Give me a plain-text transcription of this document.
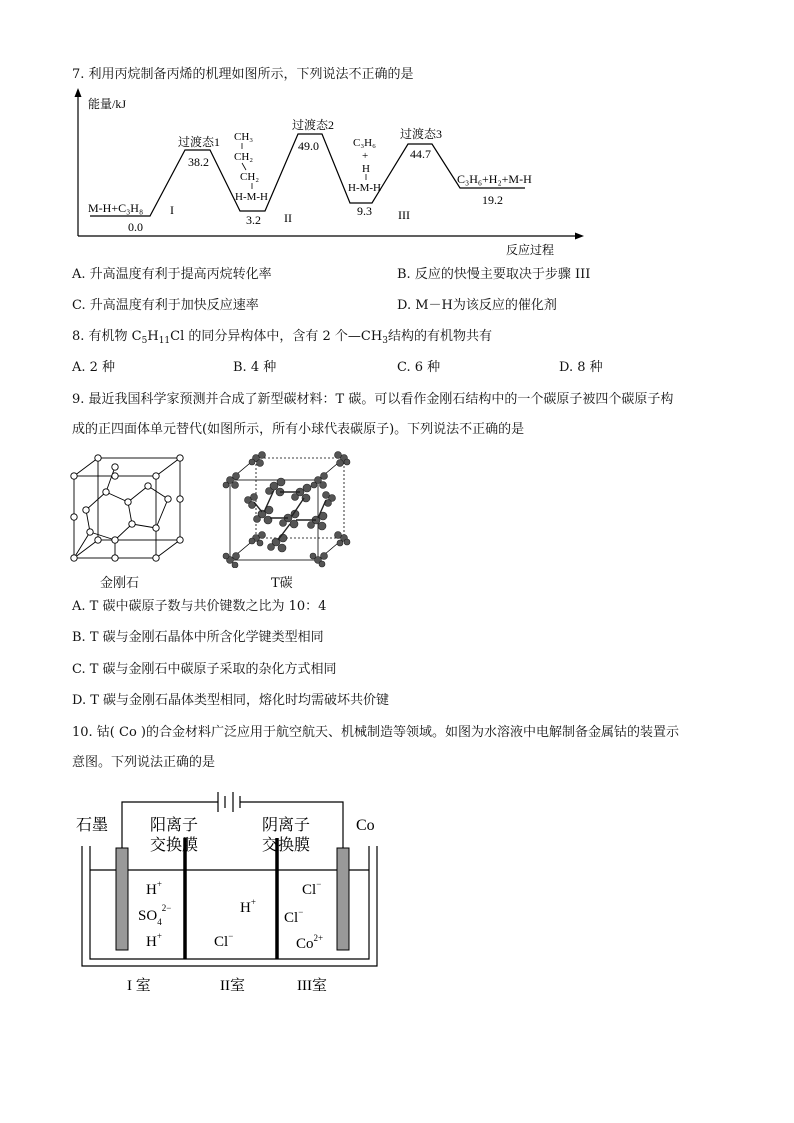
7. 利用丙烷制备丙烯的机理如图所示，下列说法不正确的是
能量/kJ
反应过程
M-H+C₃H₈
0.0
I
过渡态1
38.2
CH₃
CH₂
CH₂
H-M-H
3.2 II
过渡态2
49.0	C₃H₆
+
H
H-M-H
9.3 III
过渡态3
44.7
C₃H₆+H₂+M-H
19.2
A. 升高温度有利于提高丙烷转化率	B. 反应的快慢主要取决于步骤 III
C. 升高温度有利于加快反应速率	D. M－H为该反应的催化剂
8. 有机物 $C_5H_{11}Cl$ 的同分异构体中，含有 2 个$—CH_3$结构的有机物共有
A. 2 种	B. 4 种	C. 6 种	D. 8 种
9. 最近我国科学家预测并合成了新型碳材料：T 碳。可以看作金刚石结构中的一个碳原子被四个碳原子构
成的正四面体单元替代(如图所示，所有小球代表碳原子)。下列说法不正确的是
金刚石	T碳
A. T 碳中碳原子数与共价键数之比为 10：4
B. T 碳与金刚石晶体中所含化学键类型相同
C. T 碳与金刚石中碳原子采取的杂化方式相同
D. T 碳与金刚石晶体类型相同，熔化时均需破坏共价键
10. 钴( Co )的合金材料广泛应用于航空航天、机械制造等领域。如图为水溶液中电解制备金属钴的装置示
意图。下列说法正确的是
石墨	Co
阳离子
交换膜
阴离子
交换膜
H+
$SO_4^{2-}$
H+
H+
Cl−
Cl−
Cl−
$Co^{2+}$
I 室	II室	III室
